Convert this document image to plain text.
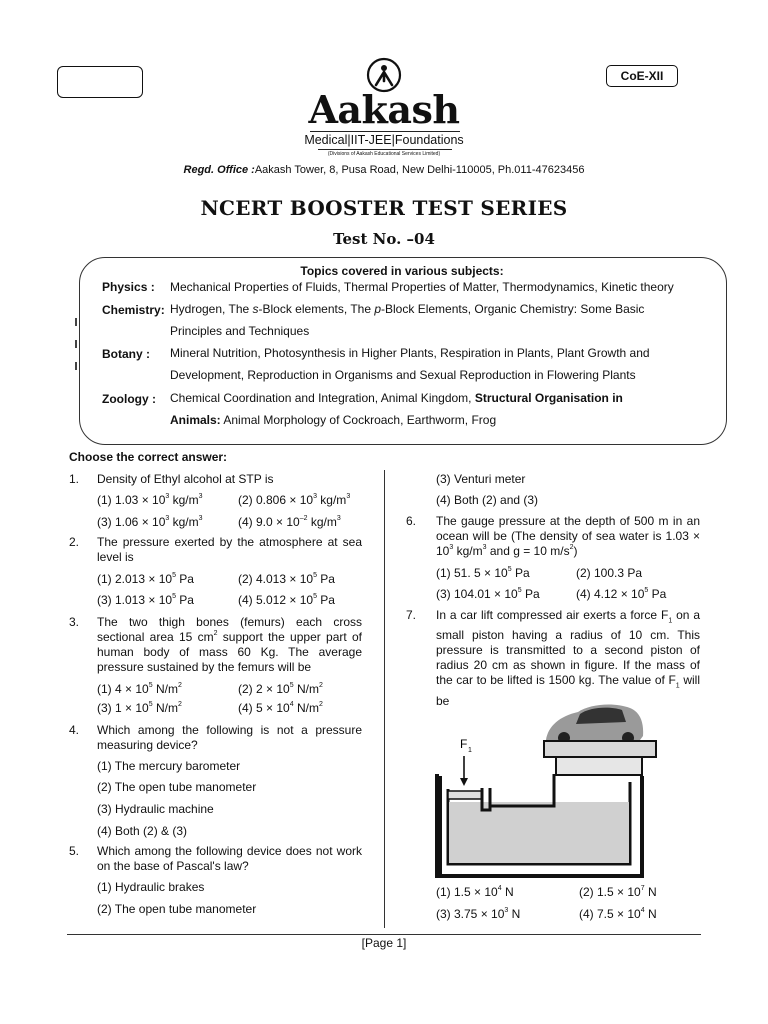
CoE-XII
Aakash
Medical|IIT-JEE|Foundations
(Divisions of Aakash Educational Services Limited)
Regd. Office :Aakash Tower, 8, Pusa Road, New Delhi-110005, Ph.011-47623456
NCERT BOOSTER TEST SERIES
Test No. –04
Topics covered in various subjects:
Physics : Mechanical Properties of Fluids, Thermal Properties of Matter, Thermodynamics, Kinetic theory
Chemistry: Hydrogen, The s-Block elements, The p-Block Elements, Organic Chemistry: Some Basic
Principles and Techniques
Botany : Mineral Nutrition, Photosynthesis in Higher Plants, Respiration in Plants, Plant Growth and
Development, Reproduction in Organisms and Sexual Reproduction in Flowering Plants
Zoology : Chemical Coordination and Integration, Animal Kingdom, Structural Organisation in
Animals: Animal Morphology of Cockroach, Earthworm, Frog
Choose the correct answer:
1.	Density of Ethyl alcohol at STP is
(1) $1.03 \times 10^3$ $kg/m^3$	(2) $0.806 \times 10^3$ $kg/m^3$
(3) $1.06 \times 10^3$ $kg/m^3$	(4) $9.0 \times 10^{-2}$ $kg/m^3$
2.	The pressure exerted by the atmosphere at sea level is
(1) $2.013 \times 10^5$ Pa	(2) $4.013 \times 10^5$ Pa
(3) $1.013 \times 10^5$ Pa	(4) $5.012 \times 10^5$ Pa
3.	The two thigh bones (femurs) each cross sectional area 15 $cm^2$ support the upper part of human body of mass 60 Kg. The average pressure sustained by the femurs will be
(1) $4 \times 10^5$ $N/m^2$	(2) $2 \times 10^5$ $N/m^2$
(3) $1 \times 10^5$ $N/m^2$	(4) $5 \times 10^4$ $N/m^2$
4.	Which among the following is not a pressure measuring device?
(1) The mercury barometer
(2) The open tube manometer
(3) Hydraulic machine
(4) Both (2) & (3)
5.	Which among the following device does not work on the base of Pascal's law?
(1) Hydraulic brakes
(2) The open tube manometer
(3) Venturi meter
(4) Both (2) and (3)
6.	The gauge pressure at the depth of 500 m in an ocean will be (The density of sea water is $1.03 \times 10^3$ $kg/m^3$ and g = 10 $m/s^2$)
(1) 51. $5 \times 10^5$ Pa	(2) 100.3 Pa
(3) $104.01 \times 10^5$ Pa	(4) $4.12 \times 10^5$ Pa
7.	In a car lift compressed air exerts a force $F_1$ on a small piston having a radius of 10 cm. This pressure is transmitted to a second piston of radius 20 cm as shown in figure. If the mass of the car to be lifted is 1500 kg. The value of $F_1$ will be
F 1
(1) $1.5 \times 10^4$ N	(2) $1.5 \times 10^7$ N
(3) $3.75 \times 10^3$ N	(4) $7.5 \times 10^4$ N
[Page 1]
